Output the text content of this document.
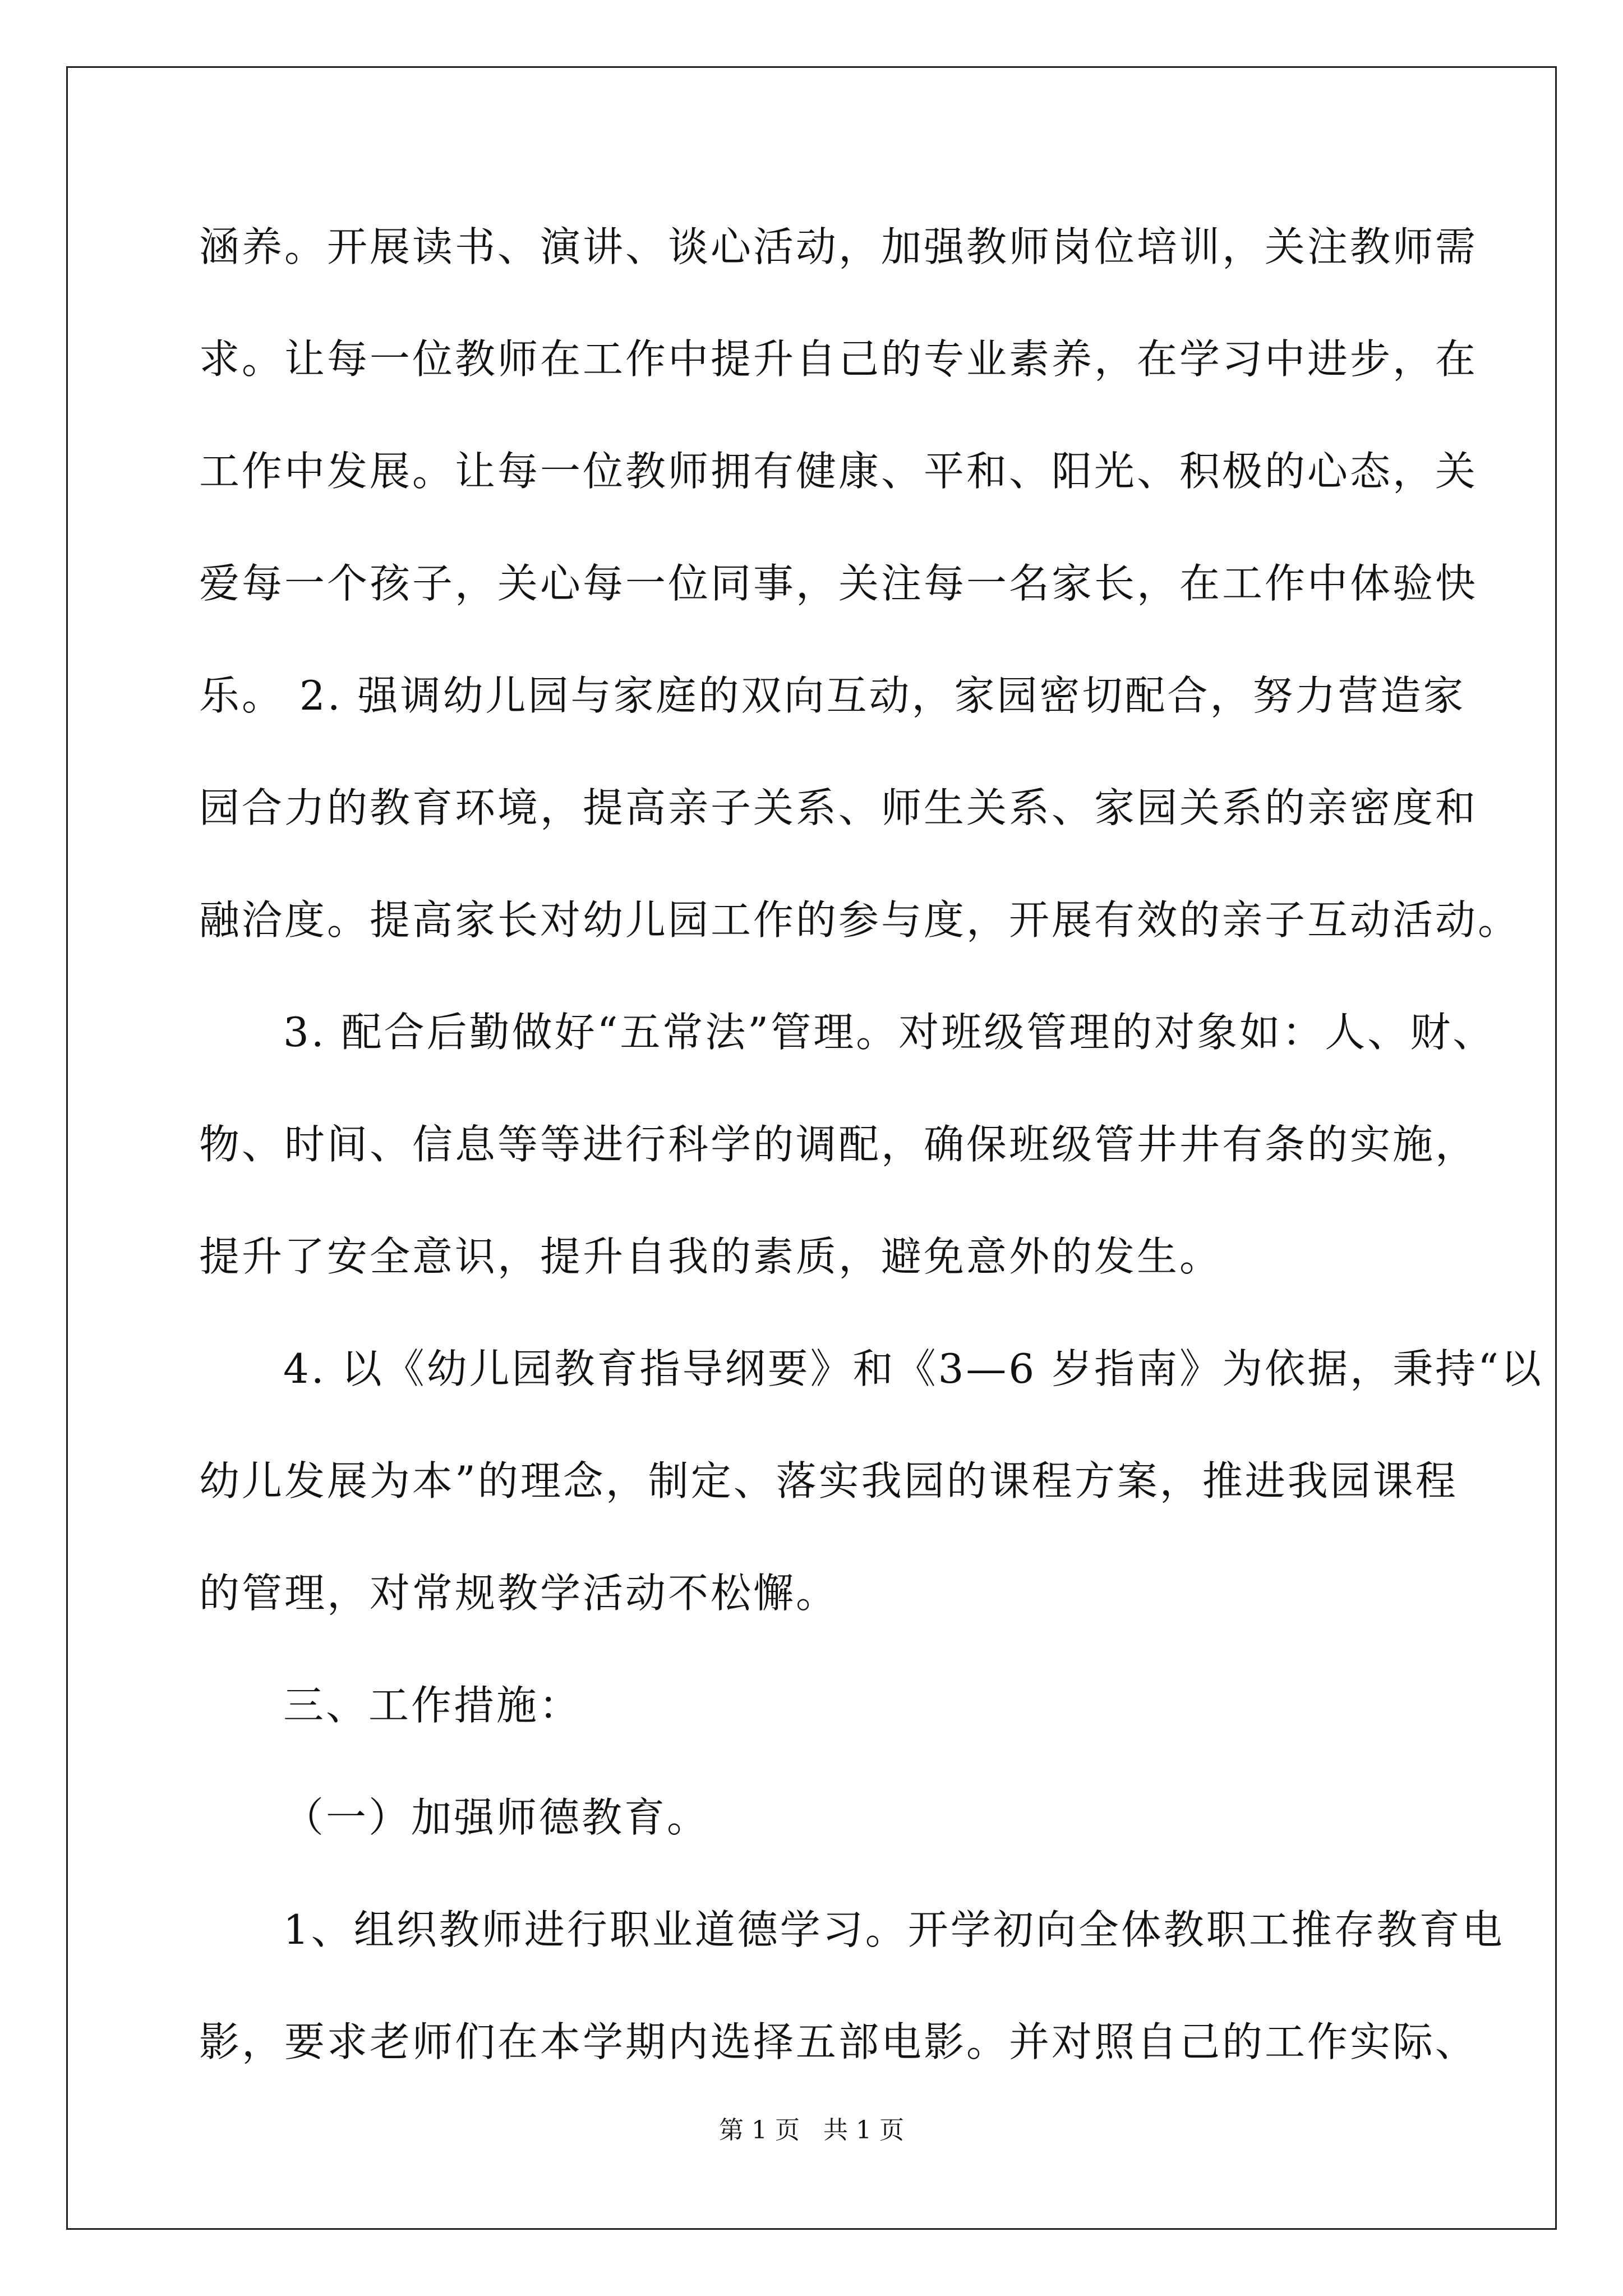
涵养。开展读书、演讲、谈心活动，加强教师岗位培训，关注教师需
求。让每一位教师在工作中提升自己的专业素养，在学习中进步，在
工作中发展。让每一位教师拥有健康、平和、阳光、积极的心态，关
爱每一个孩子，关心每一位同事，关注每一名家长，在工作中体验快
乐。 2. 强调幼儿园与家庭的双向互动，家园密切配合，努力营造家
园合力的教育环境，提高亲子关系、师生关系、家园关系的亲密度和
融洽度。提高家长对幼儿园工作的参与度，开展有效的亲子互动活动。
3. 配合后勤做好“五常法”管理。对班级管理的对象如：人、财、
物、时间、信息等等进行科学的调配，确保班级管井井有条的实施，
提升了安全意识，提升自我的素质，避免意外的发生。
4. 以《幼儿园教育指导纲要》和《3—6 岁指南》为依据，秉持“以
幼儿发展为本”的理念，制定、落实我园的课程方案，推进我园课程
的管理，对常规教学活动不松懈。
三、工作措施：
（一）加强师德教育。
1、组织教师进行职业道德学习。开学初向全体教职工推存教育电
影，要求老师们在本学期内选择五部电影。并对照自己的工作实际、
第 1 页 共 1 页
